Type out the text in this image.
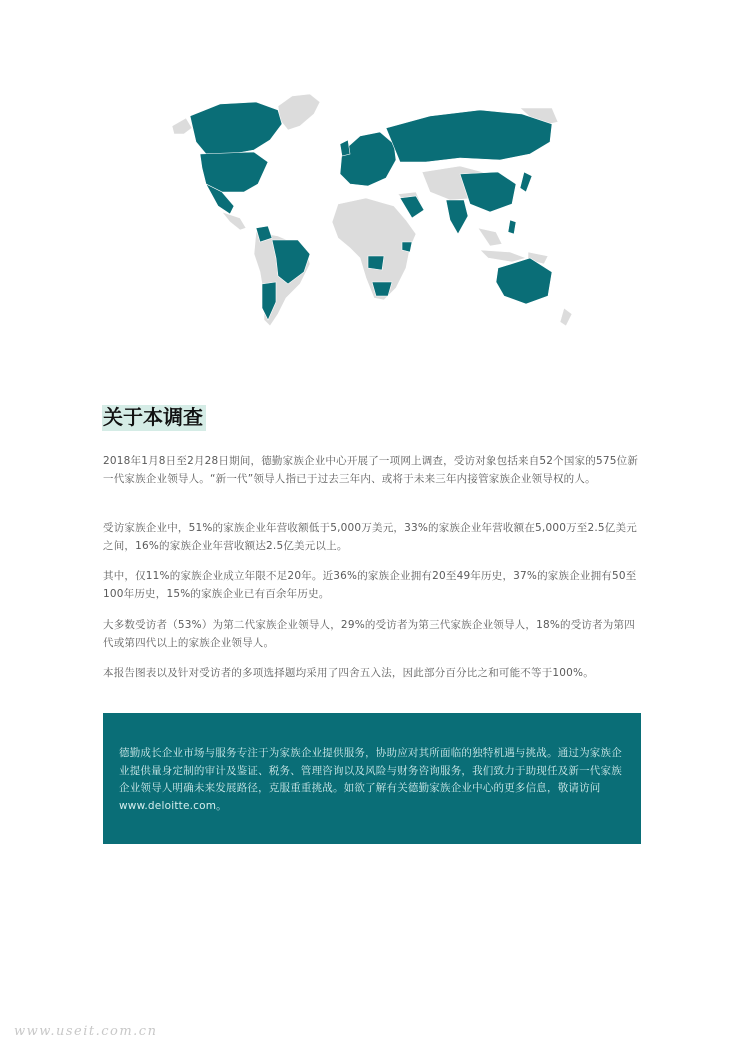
关于本调查

2018年1月8日至2月28日期间，德勤家族企业中心开展了一项网上调查，受访对象包括来自52个国家的575位新一代家族企业领导人。“新一代”领导人指已于过去三年内、或将于未来三年内接管家族企业领导权的人。

受访家族企业中，51%的家族企业年营收额低于5,000万美元，33%的家族企业年营收额在5,000万至2.5亿美元之间，16%的家族企业年营收额达2.5亿美元以上。

其中，仅11%的家族企业成立年限不足20年。近36%的家族企业拥有20至49年历史，37%的家族企业拥有50至100年历史，15%的家族企业已有百余年历史。

大多数受访者（53%）为第二代家族企业领导人，29%的受访者为第三代家族企业领导人，18%的受访者为第四代或第四代以上的家族企业领导人。

本报告图表以及针对受访者的多项选择题均采用了四舍五入法，因此部分百分比之和可能不等于100%。

德勤成长企业市场与服务专注于为家族企业提供服务，协助应对其所面临的独特机遇与挑战。通过为家族企业提供量身定制的审计及鉴证、税务、管理咨询以及风险与财务咨询服务，我们致力于助现任及新一代家族企业领导人明确未来发展路径，克服重重挑战。如欲了解有关德勤家族企业中心的更多信息，敬请访问www.deloitte.com。

www.useit.com.cn
